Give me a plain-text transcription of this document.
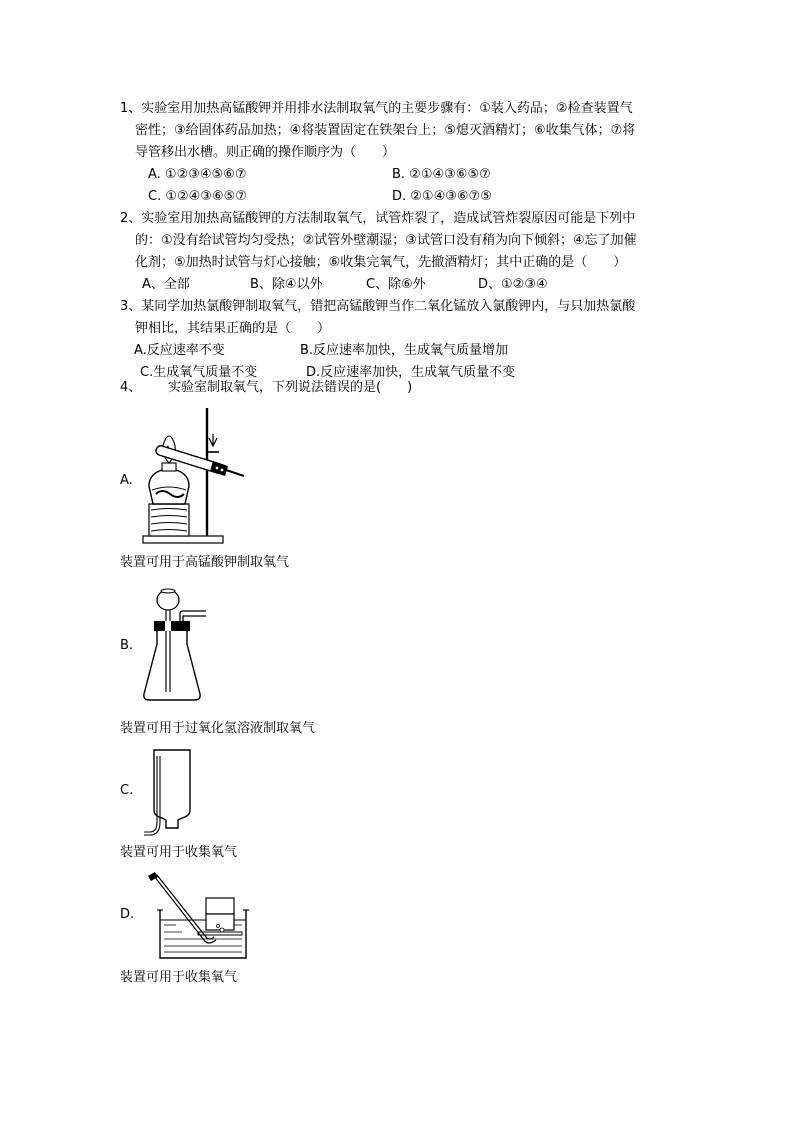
1、实验室用加热高锰酸钾并用排水法制取氧气的主要步骤有：①装入药品；②检查装置气
密性；③给固体药品加热；④将装置固定在铁架台上；⑤熄灭酒精灯；⑥收集气体；⑦将
导管移出水槽。则正确的操作顺序为（　　）
A. ①②③④⑤⑥⑦	B. ②①④③⑥⑤⑦
C. ①②④③⑥⑤⑦	D. ②①④③⑥⑦⑤
2、实验室用加热高锰酸钾的方法制取氧气，试管炸裂了，造成试管炸裂原因可能是下列中
的：①没有给试管均匀受热；②试管外壁潮湿；③试管口没有稍为向下倾斜；④忘了加催
化剂；⑤加热时试管与灯心接触；⑥收集完氧气，先撤酒精灯；其中正确的是（　　）
A、全部	B、除④以外	C、除⑥外	D、①②③④
3、某同学加热氯酸钾制取氧气，错把高锰酸钾当作二氧化锰放入氯酸钾内，与只加热氯酸
钾相比，其结果正确的是（　　）
A.反应速率不变	B.反应速率加快，生成氧气质量增加
C.生成氧气质量不变	D.反应速率加快，生成氧气质量不变
4、 实验室制取氧气，下列说法错误的是(　　)
A.
装置可用于高锰酸钾制取氧气
B.
装置可用于过氧化氢溶液制取氧气
C.
装置可用于收集氧气
D.
装置可用于收集氧气
